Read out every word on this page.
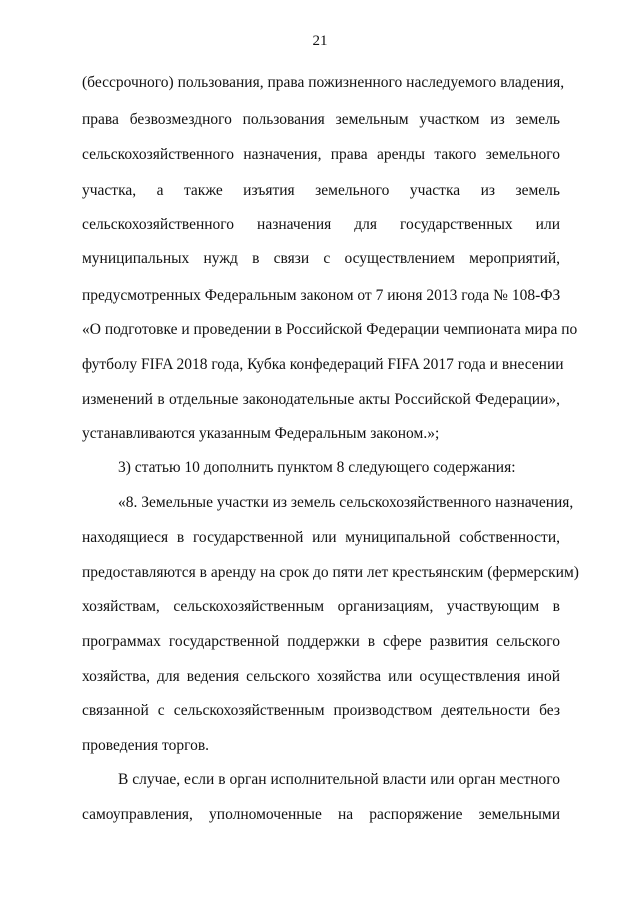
21
(бессрочного) пользования, права пожизненного наследуемого владения,
права безвозмездного пользования земельным участком из земель
сельскохозяйственного назначения, права аренды такого земельного
участка, а также изъятия земельного участка из земель
сельскохозяйственного назначения для государственных или
муниципальных нужд в связи с осуществлением мероприятий,
предусмотренных Федеральным законом от 7 июня 2013 года № 108-ФЗ
«О подготовке и проведении в Российской Федерации чемпионата мира по
футболу FIFA 2018 года, Кубка конфедераций FIFA 2017 года и внесении
изменений в отдельные законодательные акты Российской Федерации»,
устанавливаются указанным Федеральным законом.»;
3) статью 10 дополнить пунктом 8 следующего содержания:
«8. Земельные участки из земель сельскохозяйственного назначения,
находящиеся в государственной или муниципальной собственности,
предоставляются в аренду на срок до пяти лет крестьянским (фермерским)
хозяйствам, сельскохозяйственным организациям, участвующим в
программах государственной поддержки в сфере развития сельского
хозяйства, для ведения сельского хозяйства или осуществления иной
связанной с сельскохозяйственным производством деятельности без
проведения торгов.
В случае, если в орган исполнительной власти или орган местного
самоуправления, уполномоченные на распоряжение земельными
